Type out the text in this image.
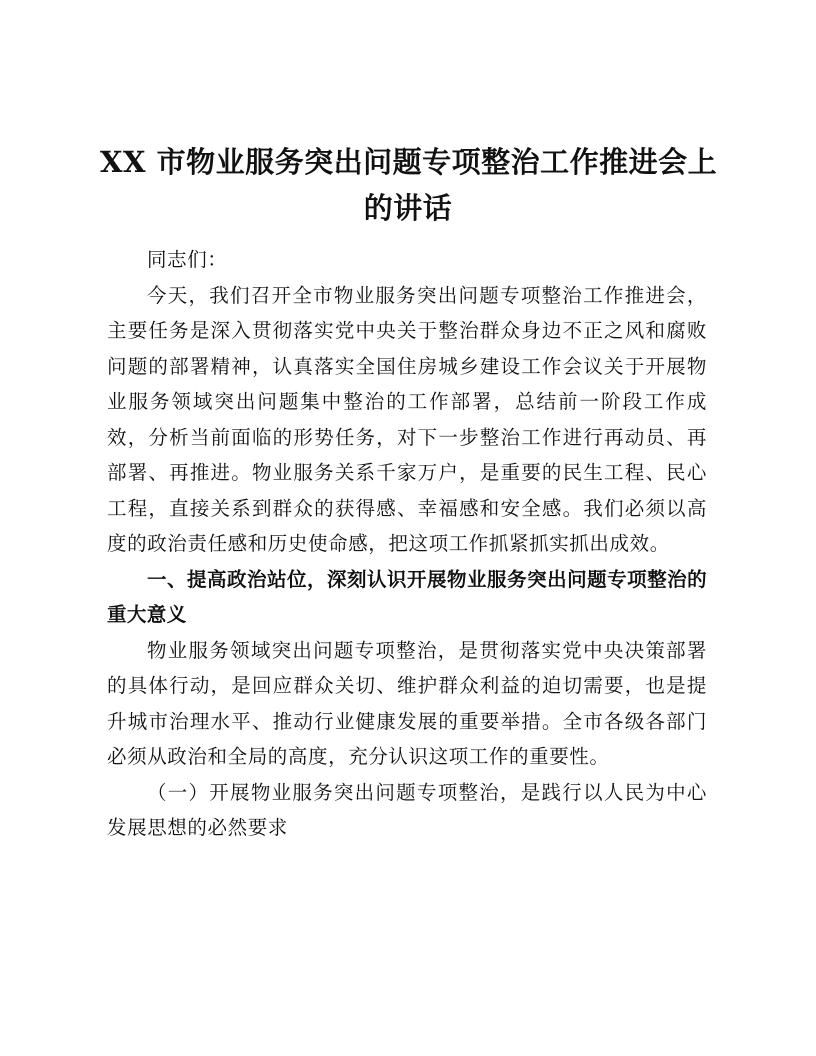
XX 市物业服务突出问题专项整治工作推进会上
的讲话

同志们：

今天，我们召开全市物业服务突出问题专项整治工作推进会，主要任务是深入贯彻落实党中央关于整治群众身边不正之风和腐败问题的部署精神，认真落实全国住房城乡建设工作会议关于开展物业服务领域突出问题集中整治的工作部署，总结前一阶段工作成效，分析当前面临的形势任务，对下一步整治工作进行再动员、再部署、再推进。物业服务关系千家万户，是重要的民生工程、民心工程，直接关系到群众的获得感、幸福感和安全感。我们必须以高度的政治责任感和历史使命感，把这项工作抓紧抓实抓出成效。

一、提高政治站位，深刻认识开展物业服务突出问题专项整治的重大意义

物业服务领域突出问题专项整治，是贯彻落实党中央决策部署的具体行动，是回应群众关切、维护群众利益的迫切需要，也是提升城市治理水平、推动行业健康发展的重要举措。全市各级各部门必须从政治和全局的高度，充分认识这项工作的重要性。

（一）开展物业服务突出问题专项整治，是践行以人民为中心发展思想的必然要求
